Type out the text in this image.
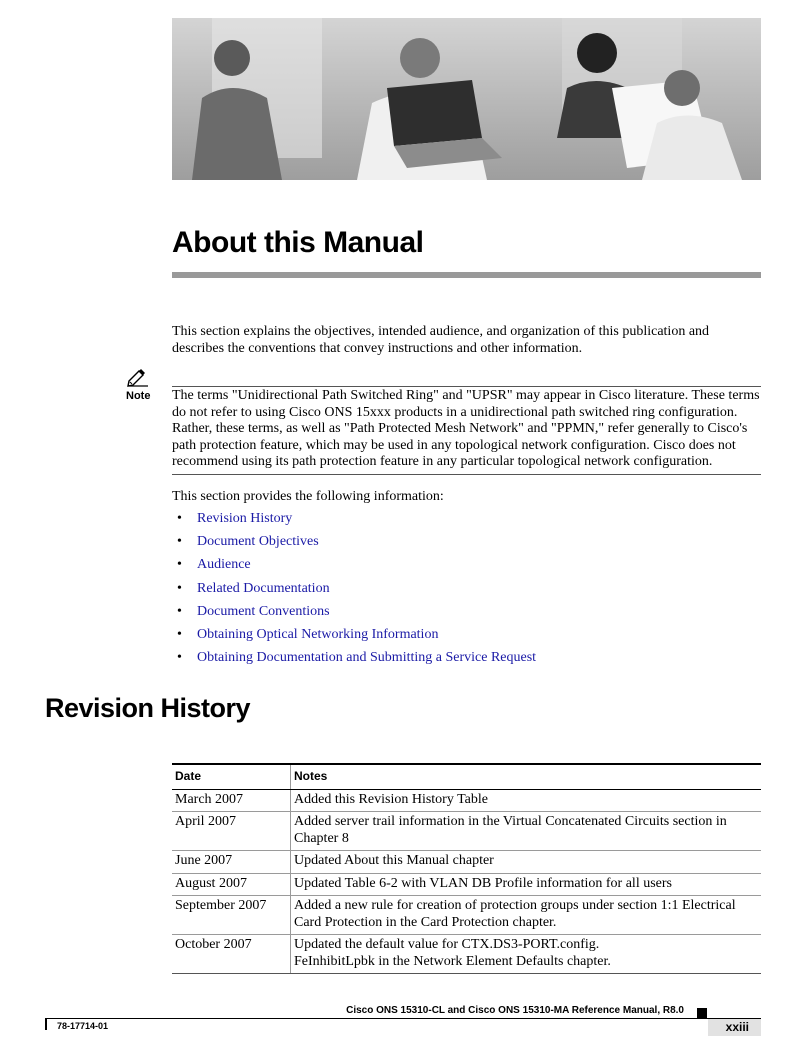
About this Manual

This section explains the objectives, intended audience, and organization of this publication and describes the conventions that convey instructions and other information.

Note The terms "Unidirectional Path Switched Ring" and "UPSR" may appear in Cisco literature. These terms do not refer to using Cisco ONS 15xxx products in a unidirectional path switched ring configuration. Rather, these terms, as well as "Path Protected Mesh Network" and "PPMN," refer generally to Cisco's path protection feature, which may be used in any topological network configuration. Cisco does not recommend using its path protection feature in any particular topological network configuration.

This section provides the following information:

• Revision History
• Document Objectives
• Audience
• Related Documentation
• Document Conventions
• Obtaining Optical Networking Information
• Obtaining Documentation and Submitting a Service Request
Revision History
Date	Notes
March 2007	Added this Revision History Table
April 2007	Added server trail information in the Virtual Concatenated Circuits section in Chapter 8
June 2007	Updated About this Manual chapter
August 2007	Updated Table 6-2 with VLAN DB Profile information for all users
September 2007	Added a new rule for creation of protection groups under section 1:1 Electrical Card Protection in the Card Protection chapter.
October 2007	Updated the default value for CTX.DS3-PORT.config.
FeInhibitLpbk in the Network Element Defaults chapter.
Cisco ONS 15310-CL and Cisco ONS 15310-MA Reference Manual, R8.0
78-17714-01	xxiii
